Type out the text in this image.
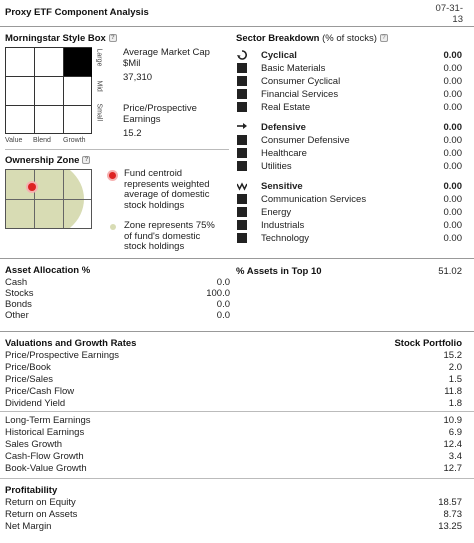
Proxy ETF Component Analysis	07-31-
13
Morningstar Style Box ?
Large
Mid
Small
Value Blend Growth
Average Market Cap
$Mil
37,310
Price/Prospective
Earnings
15.2
Ownership Zone ?
Fund centroid
represents weighted
average of domestic
stock holdings
Zone represents 75%
of fund's domestic
stock holdings
Sector Breakdown (% of stocks) ?
Cyclical	0.00
Basic Materials	0.00
Consumer Cyclical	0.00
Financial Services	0.00
Real Estate	0.00
Defensive	0.00
Consumer Defensive	0.00
Healthcare	0.00
Utilities	0.00
Sensitive	0.00
Communication Services	0.00
Energy	0.00
Industrials	0.00
Technology	0.00
Asset Allocation %
Cash	0.0
Stocks	100.0
Bonds	0.0
Other	0.0
% Assets in Top 10	51.02
Valuations and Growth Rates	Stock Portfolio
Price/Prospective Earnings	15.2
Price/Book	2.0
Price/Sales	1.5
Price/Cash Flow	11.8
Dividend Yield	1.8
Long-Term Earnings	10.9
Historical Earnings	6.9
Sales Growth	12.4
Cash-Flow Growth	3.4
Book-Value Growth	12.7
Profitability
Return on Equity	18.57
Return on Assets	8.73
Net Margin	13.25
